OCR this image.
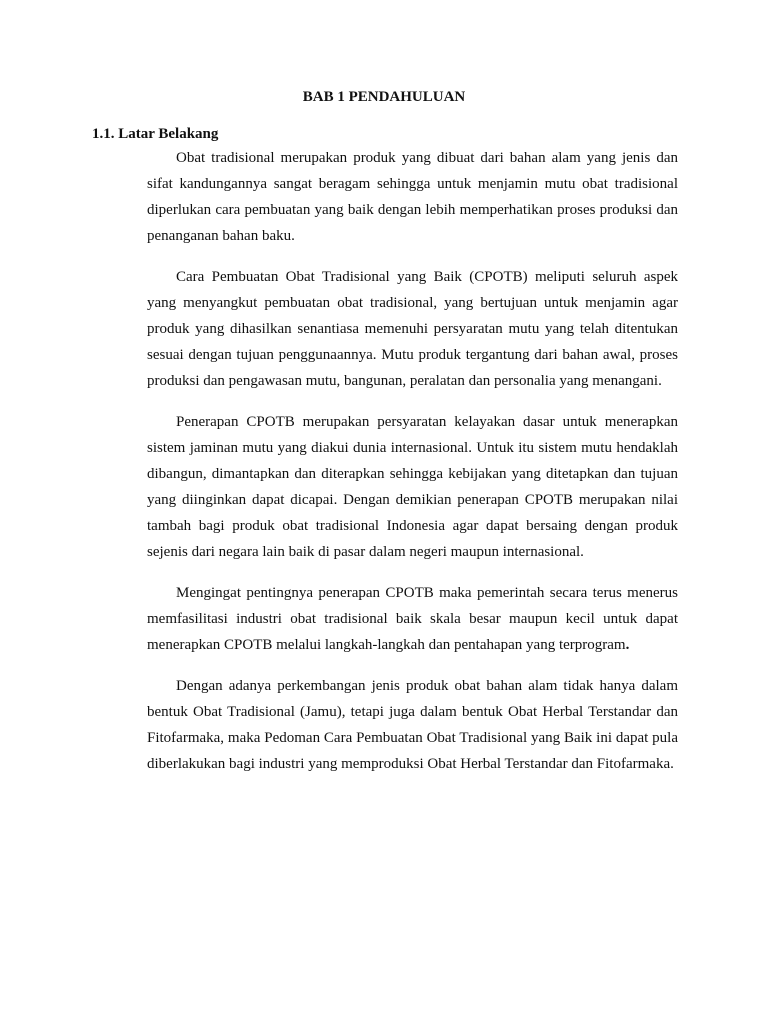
BAB 1 PENDAHULUAN
1.1. Latar Belakang

Obat tradisional merupakan produk yang dibuat dari bahan alam yang jenis dan sifat kandungannya sangat beragam sehingga untuk menjamin mutu obat tradisional diperlukan cara pembuatan yang baik dengan lebih memperhatikan proses produksi dan penanganan bahan baku.

Cara Pembuatan Obat Tradisional yang Baik (CPOTB) meliputi seluruh aspek yang menyangkut pembuatan obat tradisional, yang bertujuan untuk menjamin agar produk yang dihasilkan senantiasa memenuhi persyaratan mutu yang telah ditentukan sesuai dengan tujuan penggunaannya. Mutu produk tergantung dari bahan awal, proses produksi dan pengawasan mutu, bangunan, peralatan dan personalia yang menangani.

Penerapan CPOTB merupakan persyaratan kelayakan dasar untuk menerapkan sistem jaminan mutu yang diakui dunia internasional. Untuk itu sistem mutu hendaklah dibangun, dimantapkan dan diterapkan sehingga kebijakan yang ditetapkan dan tujuan yang diinginkan dapat dicapai. Dengan demikian penerapan CPOTB merupakan nilai tambah bagi produk obat tradisional Indonesia agar dapat bersaing dengan produk sejenis dari negara lain baik di pasar dalam negeri maupun internasional.

Mengingat pentingnya penerapan CPOTB maka pemerintah secara terus menerus memfasilitasi industri obat tradisional baik skala besar maupun kecil untuk dapat menerapkan CPOTB melalui langkah-langkah dan pentahapan yang terprogram.

Dengan adanya perkembangan jenis produk obat bahan alam tidak hanya dalam bentuk Obat Tradisional (Jamu), tetapi juga dalam bentuk Obat Herbal Terstandar dan Fitofarmaka, maka Pedoman Cara Pembuatan Obat Tradisional yang Baik ini dapat pula diberlakukan bagi industri yang memproduksi Obat Herbal Terstandar dan Fitofarmaka.
